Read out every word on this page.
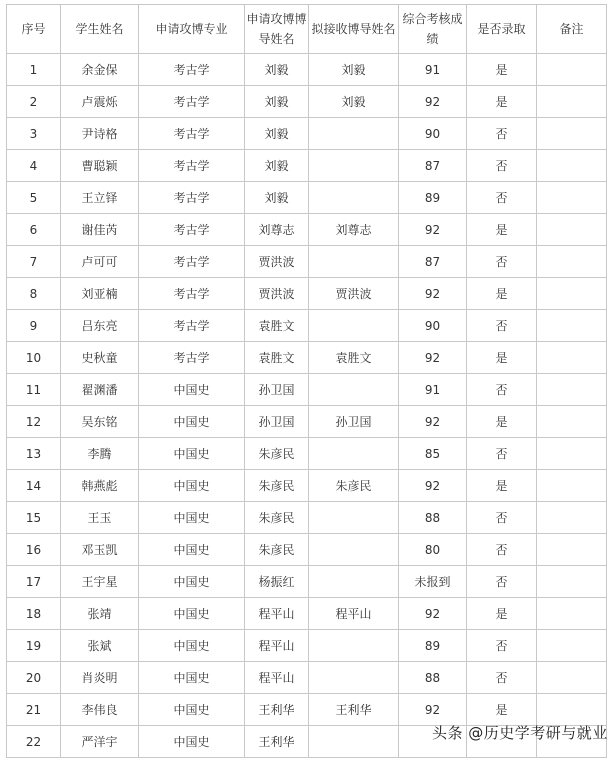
序号	学生姓名	申请攻博专业	申请攻博博导姓名	拟接收博导姓名	综合考核成绩	是否录取	备注
1	余金保	考古学	刘毅	刘毅	91	是	
2	卢震烁	考古学	刘毅	刘毅	92	是	
3	尹诗格	考古学	刘毅		90	否	
4	曹聪颖	考古学	刘毅		87	否	
5	王立铎	考古学	刘毅		89	否	
6	谢佳芮	考古学	刘尊志	刘尊志	92	是	
7	卢可可	考古学	贾洪波		87	否	
8	刘亚楠	考古学	贾洪波	贾洪波	92	是	
9	吕东亮	考古学	袁胜文		90	否	
10	史秋童	考古学	袁胜文	袁胜文	92	是	
11	翟渊潘	中国史	孙卫国		91	否	
12	吴东铭	中国史	孙卫国	孙卫国	92	是	
13	李腾	中国史	朱彦民		85	否	
14	韩燕彪	中国史	朱彦民	朱彦民	92	是	
15	王玉	中国史	朱彦民		88	否	
16	邓玉凯	中国史	朱彦民		80	否	
17	王宇星	中国史	杨振红		未报到	否	
18	张靖	中国史	程平山	程平山	92	是	
19	张斌	中国史	程平山		89	否	
20	肖炎明	中国史	程平山		88	否	
21	李伟良	中国史	王利华	王利华	92	是	
22	严洋宇	中国史	王利华					头条 @历史学考研与就业
